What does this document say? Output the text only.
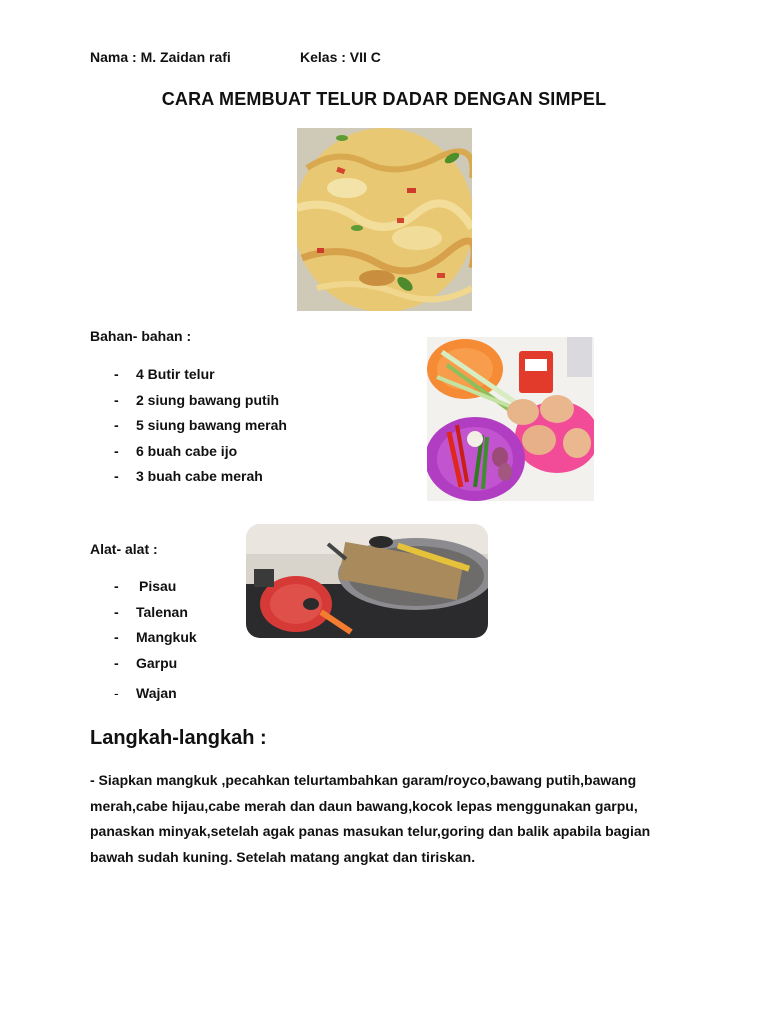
Nama : M. Zaidan rafi	Kelas : VII C
CARA MEMBUAT TELUR DADAR DENGAN SIMPEL
Bahan- bahan :
- 4 Butir telur
- 2 siung bawang putih
- 5 siung bawang merah
- 6 buah cabe ijo
- 3 buah cabe merah
Alat- alat :
- Pisau
- Talenan
- Mangkuk
- Garpu
- Wajan
Langkah-langkah :
- Siapkan mangkuk ,pecahkan telurtambahkan garam/royco,bawang putih,bawang merah,cabe hijau,cabe merah dan daun bawang,kocok lepas menggunakan garpu, panaskan minyak,setelah agak panas masukan telur,goring dan balik apabila bagian bawah sudah kuning. Setelah matang angkat dan tiriskan.
